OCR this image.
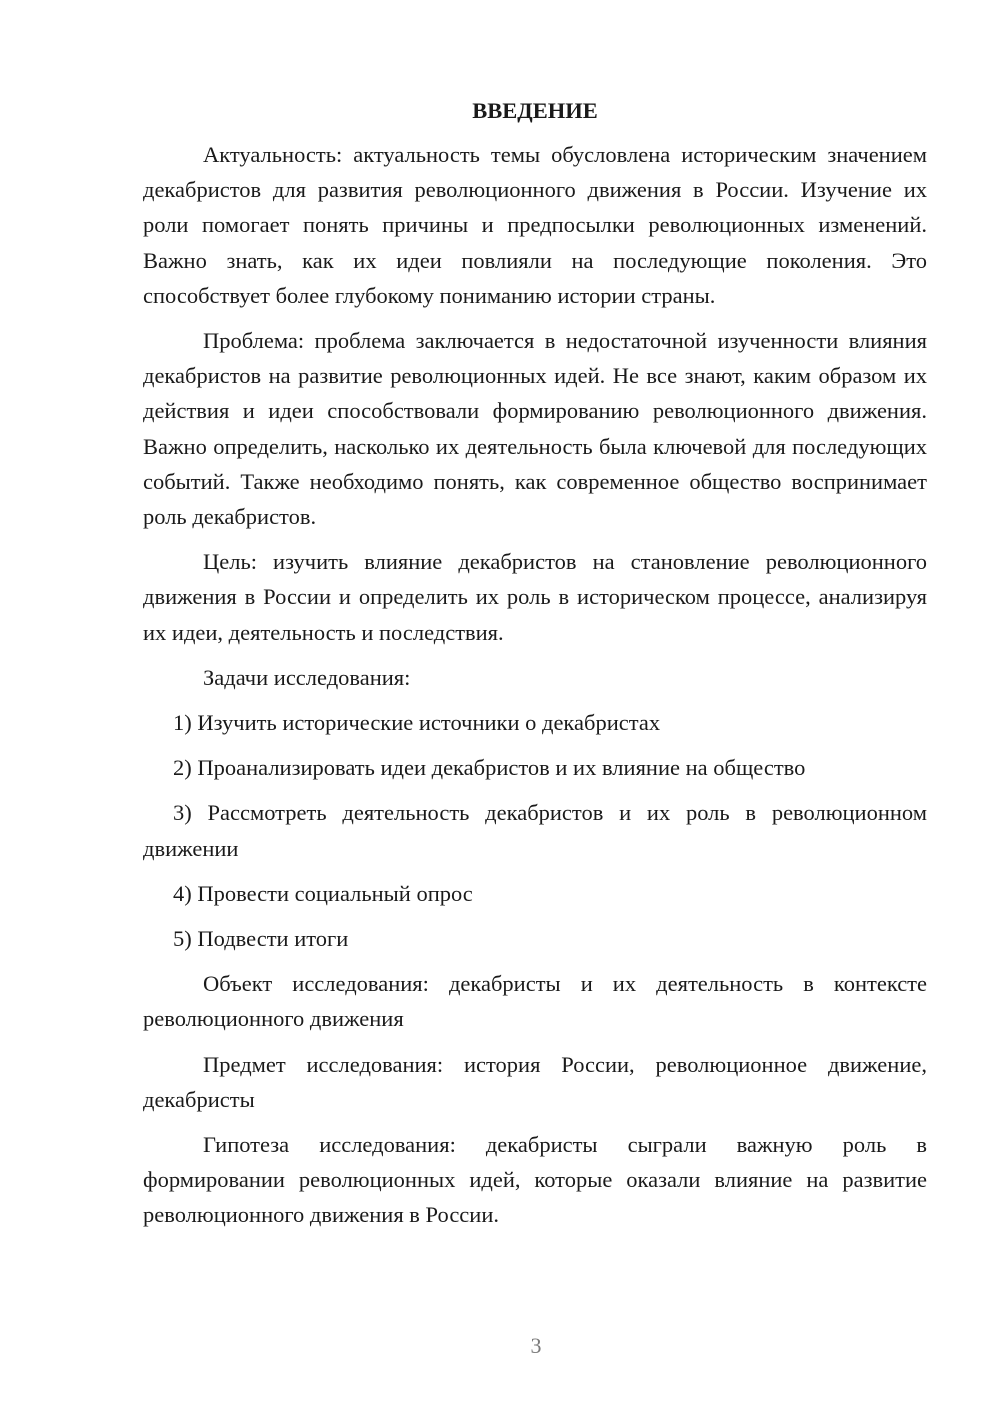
ВВЕДЕНИЕ

Актуальность: актуальность темы обусловлена историческим значением декабристов для развития революционного движения в России. Изучение их роли помогает понять причины и предпосылки революционных изменений. Важно знать, как их идеи повлияли на последующие поколения. Это способствует более глубокому пониманию истории страны.

Проблема: проблема заключается в недостаточной изученности влияния декабристов на развитие революционных идей. Не все знают, каким образом их действия и идеи способствовали формированию революционного движения. Важно определить, насколько их деятельность была ключевой для последующих событий. Также необходимо понять, как современное общество воспринимает роль декабристов.

Цель: изучить влияние декабристов на становление революционного движения в России и определить их роль в историческом процессе, анализируя их идеи, деятельность и последствия.

Задачи исследования:

1) Изучить исторические источники о декабристах

2) Проанализировать идеи декабристов и их влияние на общество

3) Рассмотреть деятельность декабристов и их роль в революционном движении

4) Провести социальный опрос

5) Подвести итоги

Объект исследования: декабристы и их деятельность в контексте революционного движения

Предмет исследования: история России, революционное движение, декабристы

Гипотеза исследования: декабристы сыграли важную роль в формировании революционных идей, которые оказали влияние на развитие революционного движения в России.

3
